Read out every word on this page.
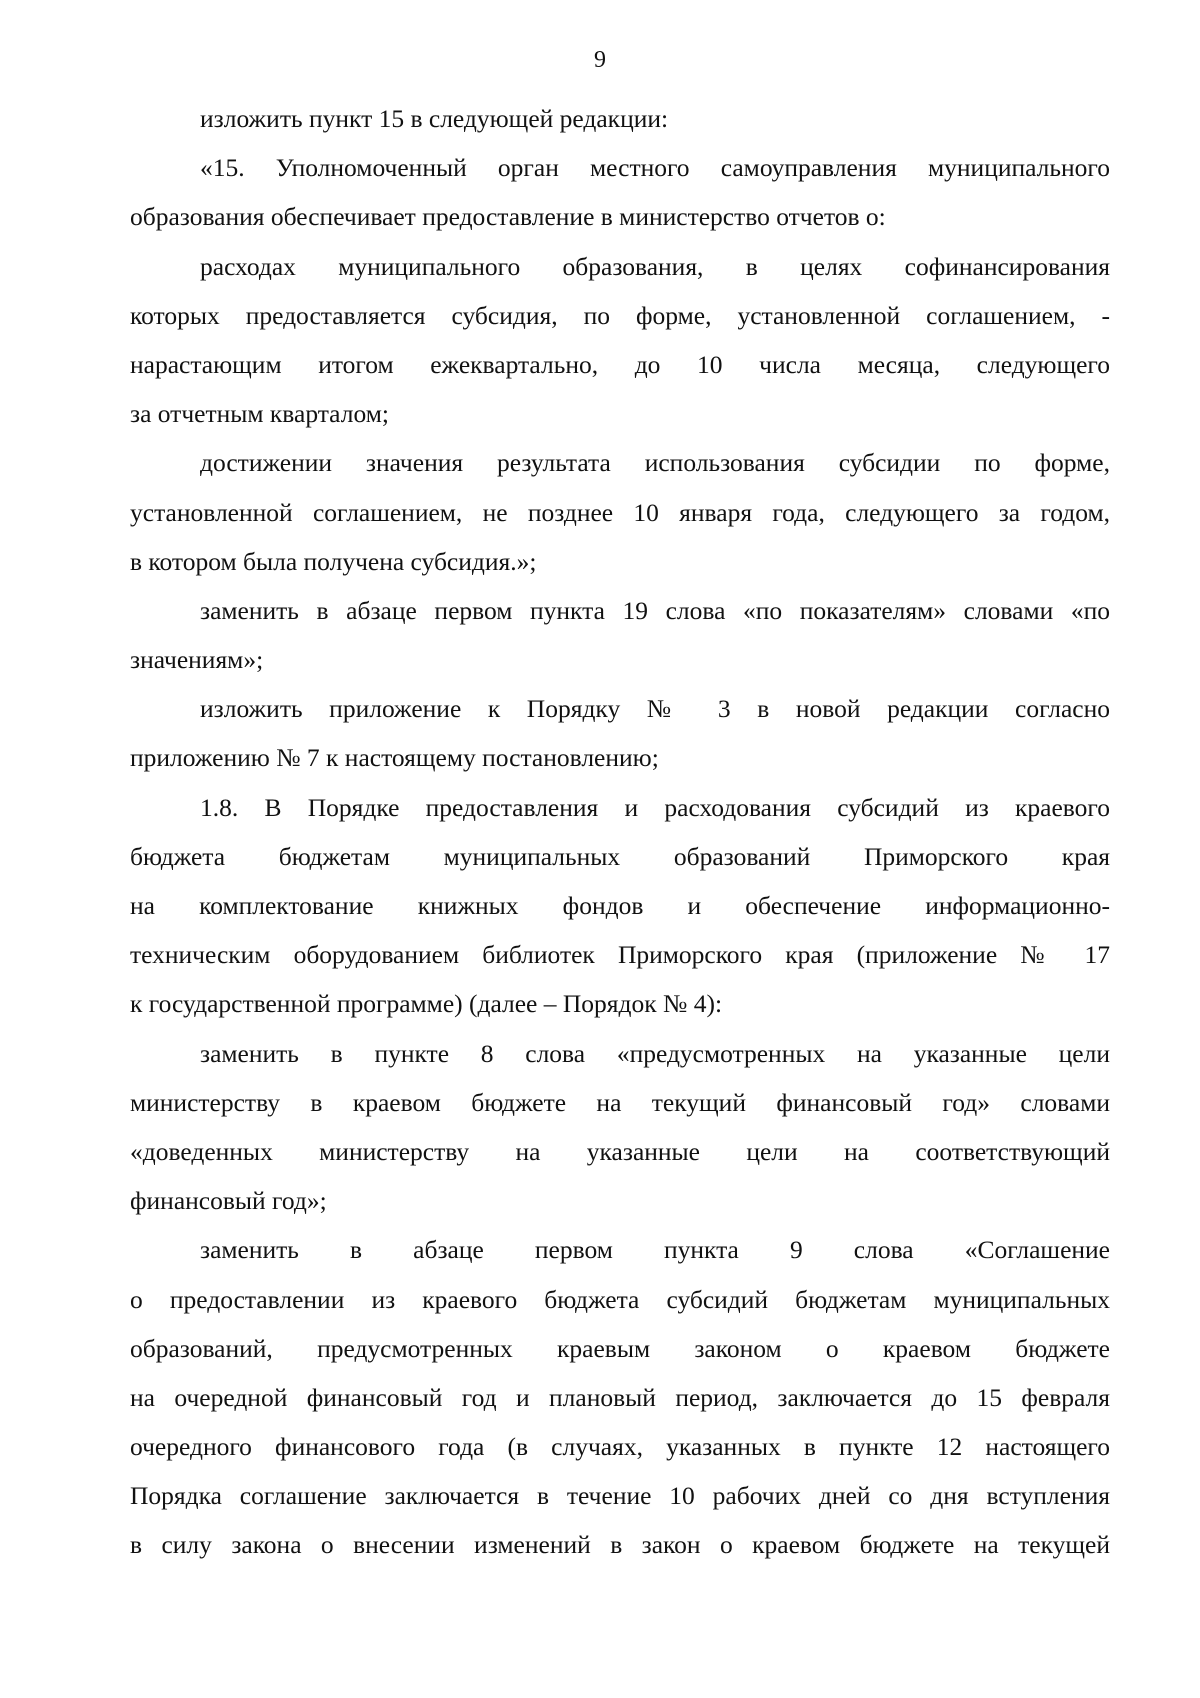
9
изложить пункт 15 в следующей редакции:
«15. Уполномоченный орган местного самоуправления муниципального
образования обеспечивает предоставление в министерство отчетов о:
расходах муниципального образования, в целях софинансирования
которых предоставляется субсидия, по форме, установленной соглашением, -
нарастающим итогом ежеквартально, до 10 числа месяца, следующего
за отчетным кварталом;
достижении значения результата использования субсидии по форме,
установленной соглашением, не позднее 10 января года, следующего за годом,
в котором была получена субсидия.»;
заменить в абзаце первом пункта 19 слова «по показателям» словами «по
значениям»;
изложить приложение к Порядку № 3 в новой редакции согласно
приложению № 7 к настоящему постановлению;
1.8. В Порядке предоставления и расходования субсидий из краевого
бюджета бюджетам муниципальных образований Приморского края
на комплектование книжных фондов и обеспечение информационно-
техническим оборудованием библиотек Приморского края (приложение № 17
к государственной программе) (далее – Порядок № 4):
заменить в пункте 8 слова «предусмотренных на указанные цели
министерству в краевом бюджете на текущий финансовый год» словами
«доведенных министерству на указанные цели на соответствующий
финансовый год»;
заменить в абзаце первом пункта 9 слова «Соглашение
о предоставлении из краевого бюджета субсидий бюджетам муниципальных
образований, предусмотренных краевым законом о краевом бюджете
на очередной финансовый год и плановый период, заключается до 15 февраля
очередного финансового года (в случаях, указанных в пункте 12 настоящего
Порядка соглашение заключается в течение 10 рабочих дней со дня вступления
в силу закона о внесении изменений в закон о краевом бюджете на текущей
